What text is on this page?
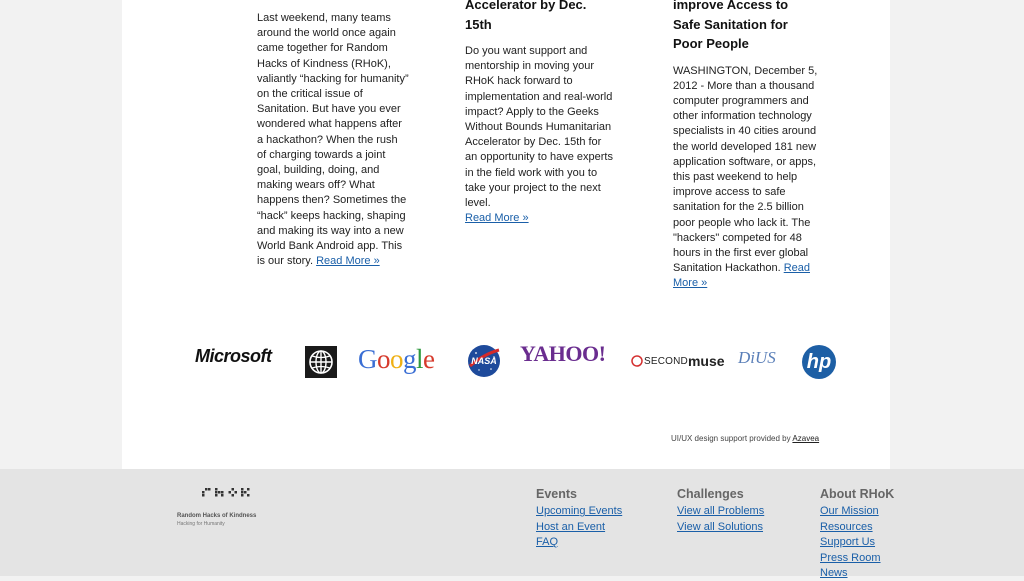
Last weekend, many teams around the world once again came together for Random Hacks of Kindness (RHoK), valiantly “hacking for humanity” on the critical issue of Sanitation. But have you ever wondered what happens after a hackathon? When the rush of charging towards a joint goal, building, doing, and making wears off? What happens then? Sometimes the “hack” keeps hacking, shaping and making its way into a new World Bank Android app. This is our story. Read More »

Accelerator by Dec. 15th

Do you want support and mentorship in moving your RHoK hack forward to implementation and real-world impact? Apply to the Geeks Without Bounds Humanitarian Accelerator by Dec. 15th for an opportunity to have experts in the field work with you to take your project to the next level.

Read More »
improve Access to Safe Sanitation for Poor People

WASHINGTON, December 5, 2012 - More than a thousand computer programmers and other information technology specialists in 40 cities around the world developed 181 new application software, or apps, this past weekend to help improve access to safe sanitation for the 2.5 billion poor people who lack it. The "hackers" competed for 48 hours in the first ever global Sanitation Hackathon. Read More »

Microsoft	Google	NASA YAHOO!	SECOND muse DiUS hp
UI/UX design support provided by Azavea
Random Hacks of Kindness
Hacking for Humanity
Events
Upcoming Events
Host an Event
FAQ
Challenges
View all Problems
View all Solutions
About RHoK
Our Mission
Resources
Support Us
Press Room
News
